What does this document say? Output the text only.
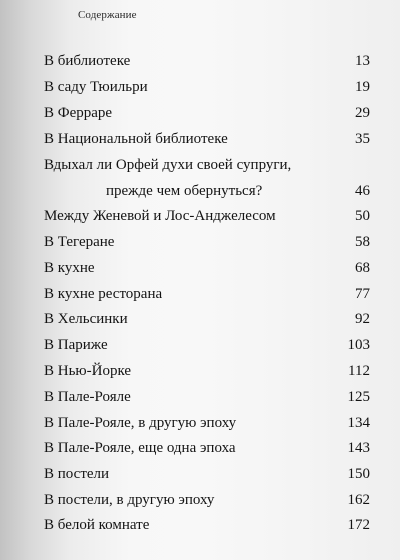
Содержание
В библиотеке	13
В саду Тюильри	19
В Ферраре	29
В Национальной библиотеке	35
Вдыхал ли Орфей духи своей супруги,
прежде чем обернуться?	46
Между Женевой и Лос-Анджелесом	50
В Тегеране	58
В кухне	68
В кухне ресторана	77
В Хельсинки	92
В Париже	103
В Нью-Йорке	112
В Пале-Рояле	125
В Пале-Рояле, в другую эпоху	134
В Пале-Рояле, еще одна эпоха	143
В постели	150
В постели, в другую эпоху	162
В белой комнате	172
